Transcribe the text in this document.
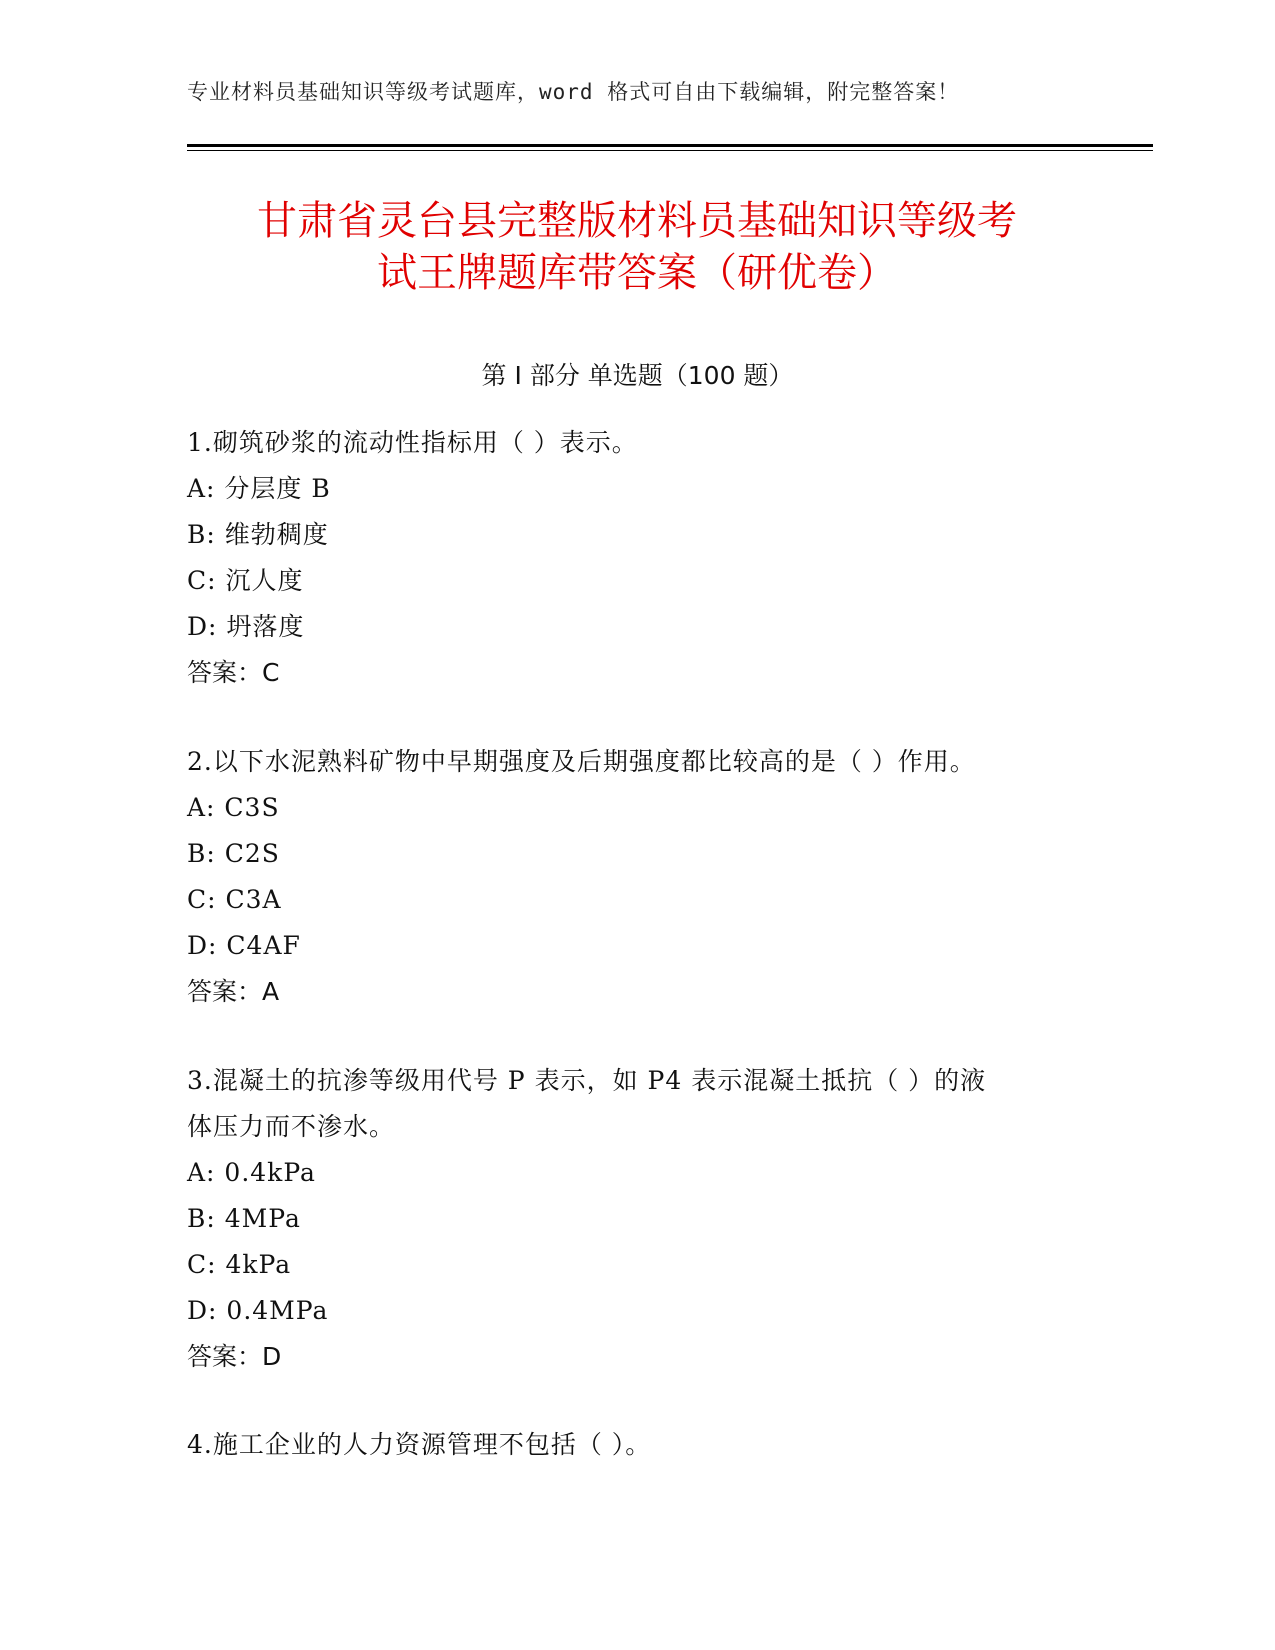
专业材料员基础知识等级考试题库，word 格式可自由下载编辑，附完整答案！
甘肃省灵台县完整版材料员基础知识等级考
试王牌题库带答案（研优卷）
第 I 部分 单选题（100 题）
1.砌筑砂浆的流动性指标用（ ）表示。
A: 分层度 B
B: 维勃稠度
C: 沉人度
D: 坍落度
答案：C
2.以下水泥熟料矿物中早期强度及后期强度都比较高的是（ ）作用。
A: C3S
B: C2S
C: C3A
D: C4AF
答案：A
3.混凝土的抗渗等级用代号 P 表示，如 P4 表示混凝土抵抗（ ）的液
体压力而不渗水。
A: 0.4kPa
B: 4MPa
C: 4kPa
D: 0.4MPa
答案：D
4.施工企业的人力资源管理不包括（ ）。
